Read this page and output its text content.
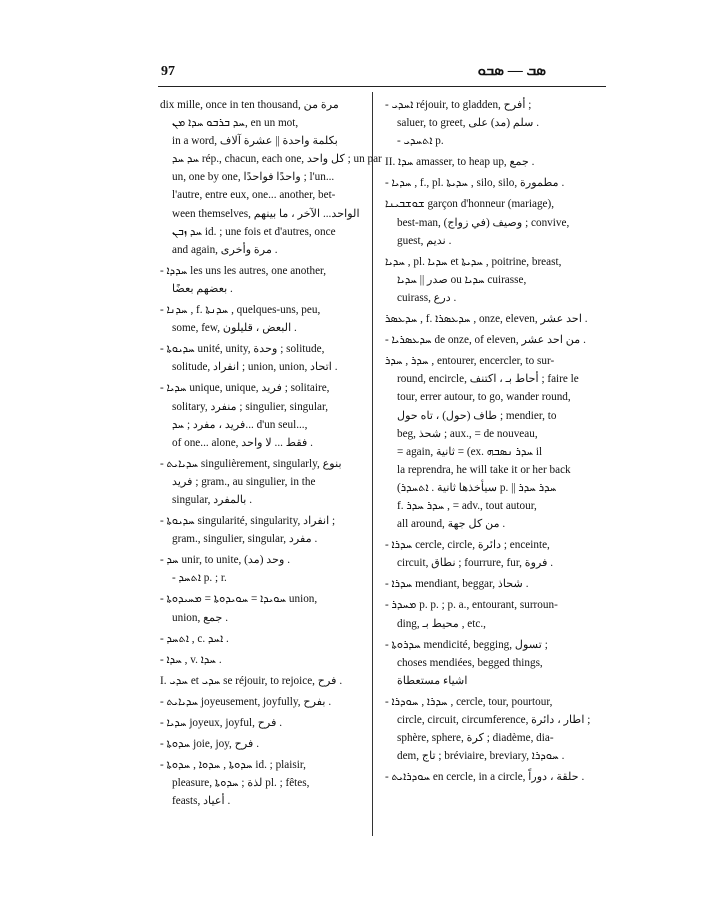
97	ܣܒ — ܣܒܘ
dix mille, once in ten thousand, مرة من
ܚܕ ܒܪܒܘ ܚܕܐ ܡܢ, en un mot,
in a word, بكلمة واحدة || عشرة آلاف
ܚܕ ܚܕ rép., chacun, each one, كل واحد ; un par
un, one by one, واحدًا فواحدًا ; l'un...
l'autre, entre eux, one... another, bet-
ween themselves, الواحد... الآخر ، ما بينهم
ܚܕ ܙܒܢ id. ; une fois et d'autres, once
and again, مرة وأخرى .
- ܚܕܕܐ les uns les autres, one another,
بعضهم بعضًا .
- ܚܕܢܐ , f. ܚܕܢܬܐ , quelques-uns, peu,
some, few, البعض ، قليلون .
- ܚܕܝܘܬܐ unité, unity, وحدة ; solitude,
solitude, انفراد ; union, union, اتحاد .
- ܚܕܝܐ unique, unique, فريد ; solitaire,
solitary, منفرد ; singulier, singular,
فريد ، مفرد ; ܚܕ... d'un seul...,
of one... alone, فقط ... لا واحد .
- ܚܕܝܐܝܬ singulièrement, singularly, بنوع
فريد ; gram., au singulier, in the
singular, بالمفرد .
- ܚܕܝܘܬܐ singularité, singularity, انفراد ;
gram., singulier, singular, مفرد .
- ܚܕ unir, to unite, وحد (مد) .
- ܐܬܚܕ p. ; r.
- ܚܘܝܕܐ = ܚܘܝܕܘܬܐ = ܡܚܝܕܘܬܐ union,
union, جمع .
- ܐܬܚܕ , c. ܐܚܕ .
- ܚܕܐ , v. ܚܕܐ .
I. ܚܕܝ et ܚܕܝ se réjouir, to rejoice, فرح .
- ܚܕܝܐܝܬ joyeusement, joyfully, بفرح .
- ܚܕܝܐ joyeux, joyful, فرح .
- ܚܕܘܬܐ joie, joy, فرح .
- ܚܕܘܬܐ , ܚܕܘܐ , ܚܕܘܬܐ id. ; plaisir,
pleasure, لذة ; ܚܕܘܬܐ pl. ; fêtes,
feasts, أعياد .
- ܐܚܕܝ réjouir, to gladden, أفرح ;
saluer, to greet, سلم (مد) على .
- ܐܬܚܕܝ p.
II. ܚܕܐ amasser, to heap up, جمع .
- ܚܕܝܐ , f., pl. ܚܕܝܬܐ , silo, silo, مطمورة .
ܫܘܫܒܝܢܐ garçon d'honneur (mariage),
best-man, وصيف (في زواج) ; convive,
guest, نديم .
ܚܕܝܐ , pl. ܚܕܝܐ et ܚܕܝܬܐ , poitrine, breast,
صدر || ܚܕܝܐ ou ܚܕܝܐ cuirasse,
cuirass, درع .
ܚܕܥܣܪ , f. ܚܕܥܣܪܐ , onze, eleven, احد عشر .
- ܚܕܥܣܪܝܐ de onze, of eleven, من احد عشر .
ܚܕܪ , ܚܕܪ , entourer, encercler, to sur-
round, encircle, أحاط بـ ، اكتنف ; faire le
tour, errer autour, to go, wander round,
طاف (حول) ، تاه حول ; mendier, to
beg, شحذ ; aux., = de nouveau,
= again, ثانية = (ex. ܚܕܪ ܢܣܒܗ il
la reprendra, he will take it or her back
(سيأخذها ثانية . ܐܬܚܕܪ p. || ܚܕܪ ܚܕܪ
f. ܚܕܪ ܚܕܪ , = adv., tout autour,
all around, من كل جهة .
- ܚܕܪܐ cercle, circle, دائرة ; enceinte,
circuit, نطاق ; fourrure, fur, فروة .
- ܚܕܪܐ mendiant, beggar, شحاذ .
- ܡܚܕܪ p. p. ; p. a., entourant, surroun-
ding, محيط بـ , etc.,
- ܚܕܪܘܬܐ mendicité, begging, تسول ;
choses mendiées, begged things,
اشياء مستعطاة
- ܚܕܪܐ , ܚܘܕܪܐ , cercle, tour, pourtour,
circle, circuit, circumference, اطار ، دائرة ;
sphère, sphere, كرة ; diadème, dia-
dem, تاج ; bréviaire, breviary, ܚܘܕܪܐ .
- ܚܘܕܪܐܝܬ en cercle, in a circle, حلقة ، دوراً .
